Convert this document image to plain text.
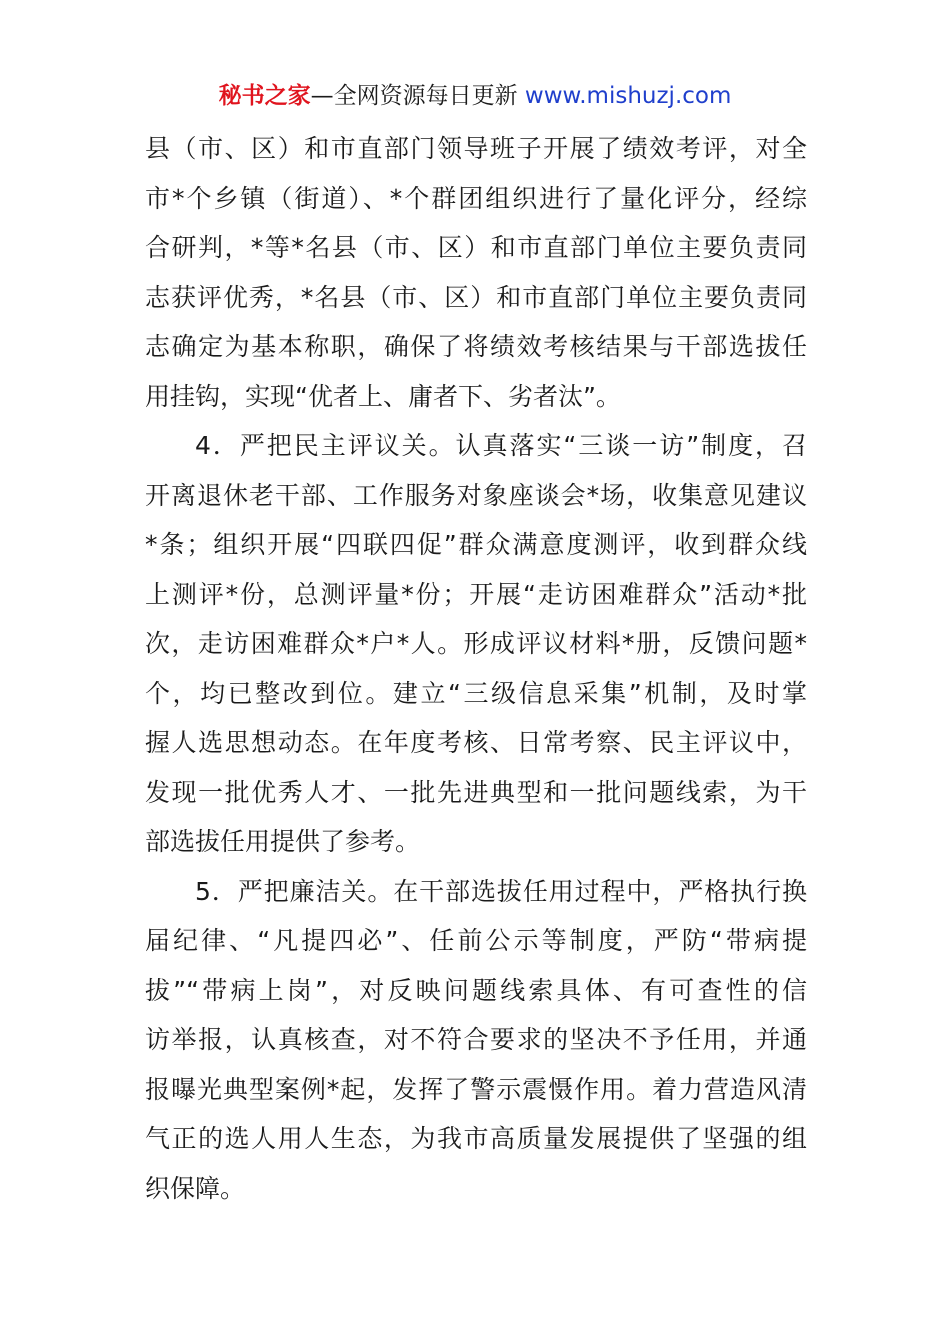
秘书之家—全网资源每日更新 www.mishuzj.com
县（市、区）和市直部门领导班子开展了绩效考评，对全
市*个乡镇（街道）、*个群团组织进行了量化评分，经综
合研判，*等*名县（市、区）和市直部门单位主要负责同
志获评优秀，*名县（市、区）和市直部门单位主要负责同
志确定为基本称职，确保了将绩效考核结果与干部选拔任
用挂钩，实现“优者上、庸者下、劣者汰”。
4．严把民主评议关。认真落实“三谈一访”制度，召
开离退休老干部、工作服务对象座谈会*场，收集意见建议
*条；组织开展“四联四促”群众满意度测评，收到群众线
上测评*份，总测评量*份；开展“走访困难群众”活动*批
次，走访困难群众*户*人。形成评议材料*册，反馈问题*
个，均已整改到位。建立“三级信息采集”机制，及时掌
握人选思想动态。在年度考核、日常考察、民主评议中，
发现一批优秀人才、一批先进典型和一批问题线索，为干
部选拔任用提供了参考。
5．严把廉洁关。在干部选拔任用过程中，严格执行换
届纪律、“凡提四必”、任前公示等制度，严防“带病提
拔”“带病上岗”，对反映问题线索具体、有可查性的信
访举报，认真核查，对不符合要求的坚决不予任用，并通
报曝光典型案例*起，发挥了警示震慑作用。着力营造风清
气正的选人用人生态，为我市高质量发展提供了坚强的组
织保障。
